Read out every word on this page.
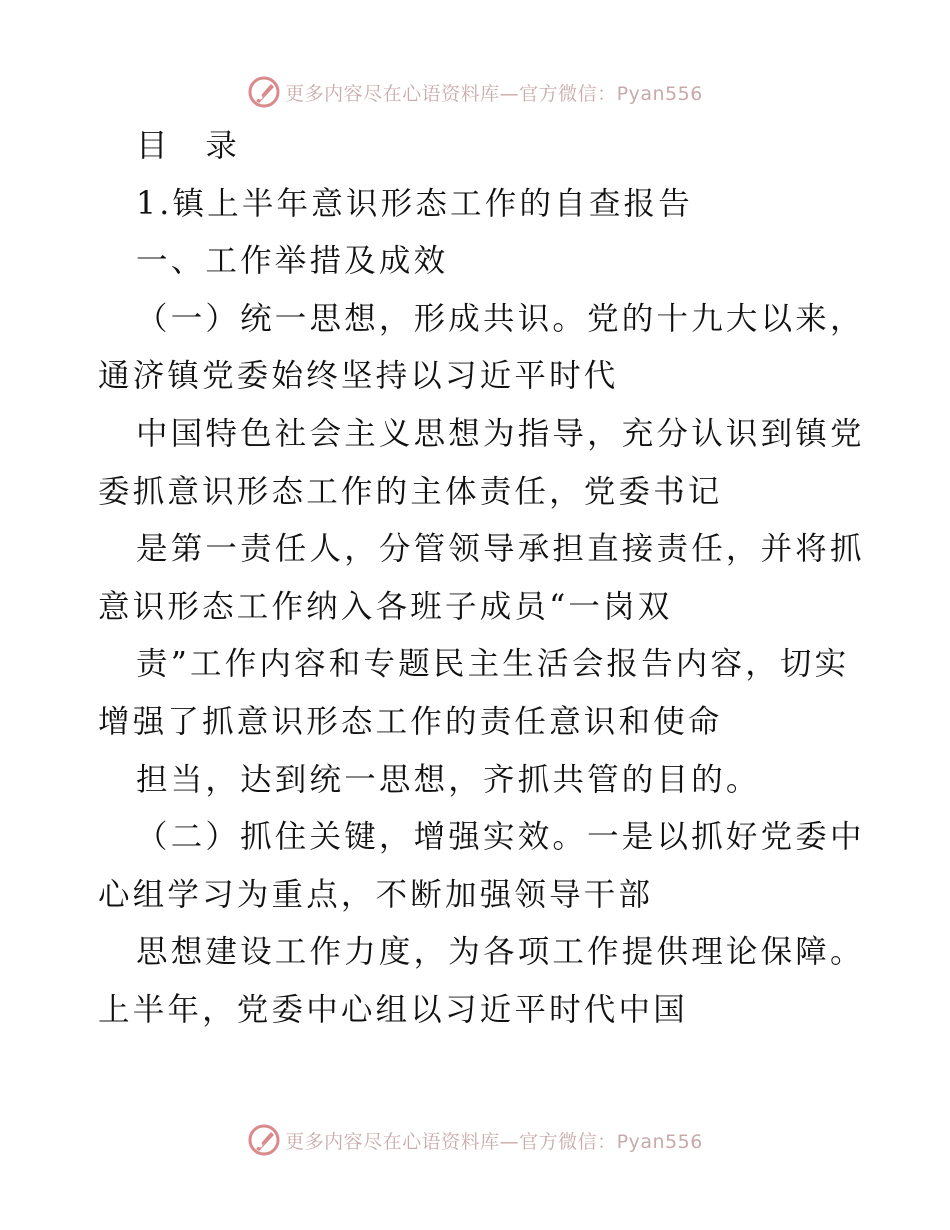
更多内容尽在心语资料库—官方微信：Pyan556
目　录
1.镇上半年意识形态工作的自查报告
一、工作举措及成效
（一）统一思想，形成共识。党的十九大以来，
通济镇党委始终坚持以习近平时代
中国特色社会主义思想为指导，充分认识到镇党
委抓意识形态工作的主体责任，党委书记
是第一责任人，分管领导承担直接责任，并将抓
意识形态工作纳入各班子成员“一岗双
责”工作内容和专题民主生活会报告内容，切实
增强了抓意识形态工作的责任意识和使命
担当，达到统一思想，齐抓共管的目的。
（二）抓住关键，增强实效。一是以抓好党委中
心组学习为重点，不断加强领导干部
思想建设工作力度，为各项工作提供理论保障。
上半年，党委中心组以习近平时代中国
更多内容尽在心语资料库—官方微信：Pyan556
